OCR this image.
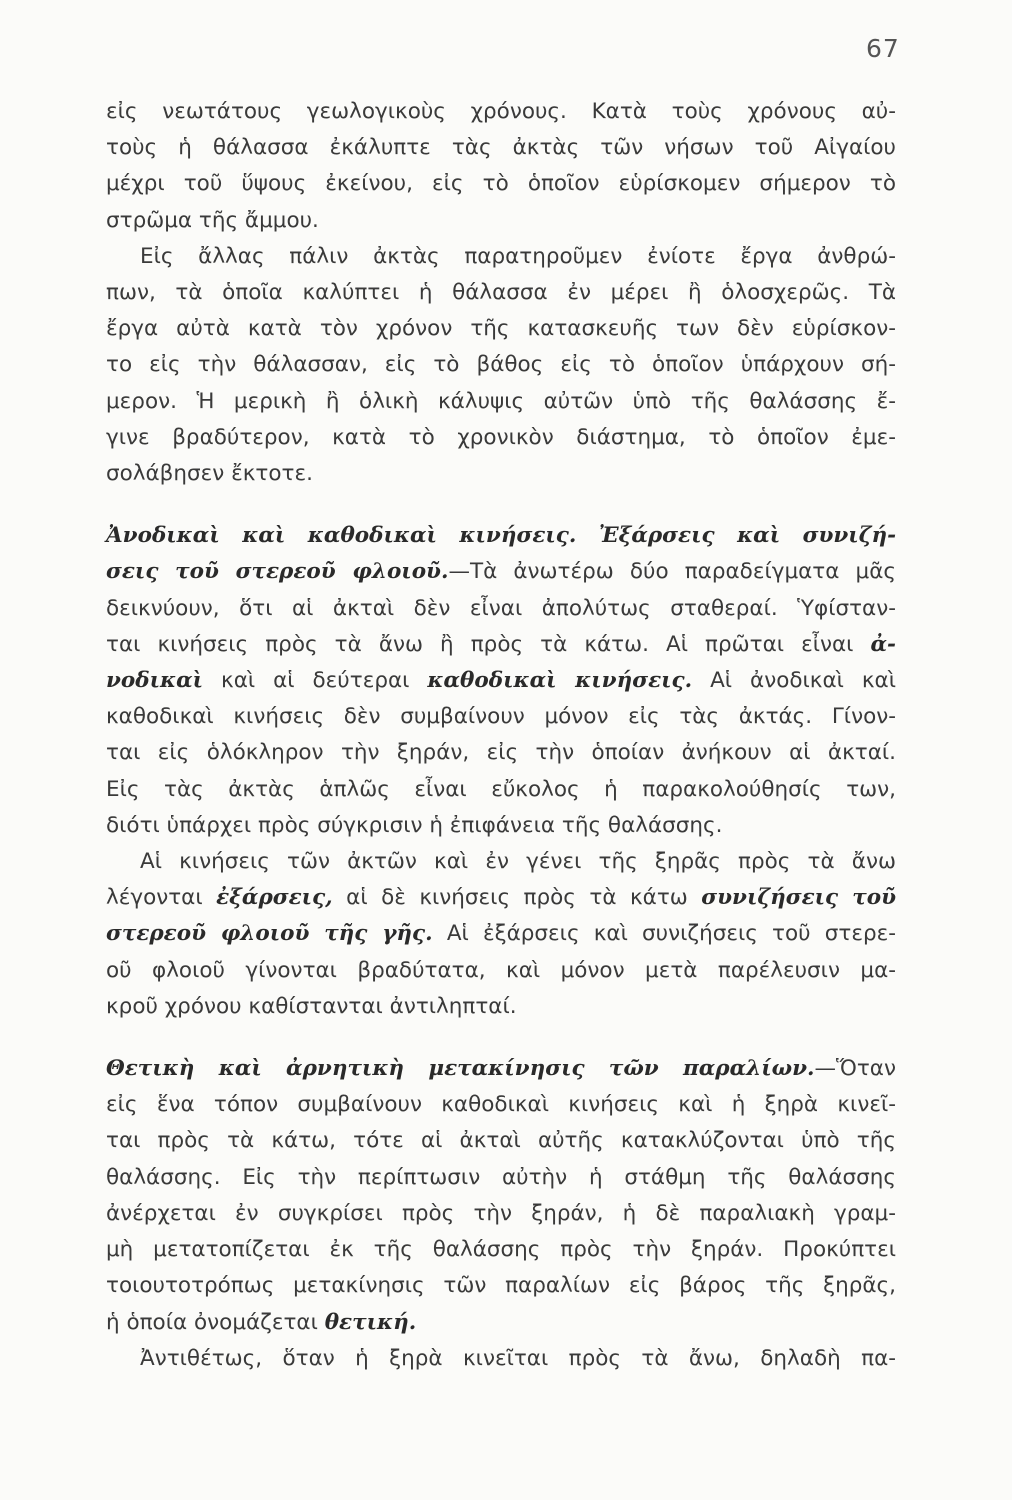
67
εἰς νεωτάτους γεωλογικοὺς χρόνους. Κατὰ τοὺς χρόνους αὐ-
τοὺς ἡ θάλασσα ἐκάλυπτε τὰς ἀκτὰς τῶν νήσων τοῦ Αἰγαίου
μέχρι τοῦ ὕψους ἐκείνου, εἰς τὸ ὁποῖον εὑρίσκομεν σήμερον τὸ
στρῶμα τῆς ἄμμου.
Εἰς ἄλλας πάλιν ἀκτὰς παρατηροῦμεν ἐνίοτε ἔργα ἀνθρώ-
πων, τὰ ὁποῖα καλύπτει ἡ θάλασσα ἐν μέρει ἢ ὁλοσχερῶς. Τὰ
ἔργα αὐτὰ κατὰ τὸν χρόνον τῆς κατασκευῆς των δὲν εὑρίσκον-
το εἰς τὴν θάλασσαν, εἰς τὸ βάθος εἰς τὸ ὁποῖον ὑπάρχουν σή-
μερον. Ἡ μερικὴ ἢ ὁλικὴ κάλυψις αὐτῶν ὑπὸ τῆς θαλάσσης ἔ-
γινε βραδύτερον, κατὰ τὸ χρονικὸν διάστημα, τὸ ὁποῖον ἐμε-
σολάβησεν ἔκτοτε.
Ἀνοδικαὶ καὶ καθοδικαὶ κινήσεις. Ἐξάρσεις καὶ συνιζή-
σεις τοῦ στερεοῦ φλοιοῦ.—Τὰ ἀνωτέρω δύο παραδείγματα μᾶς
δεικνύουν, ὅτι αἱ ἀκταὶ δὲν εἶναι ἀπολύτως σταθεραί. Ὑφίσταν-
ται κινήσεις πρὸς τὰ ἄνω ἢ πρὸς τὰ κάτω. Αἱ πρῶται εἶναι ἀ-
νοδικαὶ καὶ αἱ δεύτεραι καθοδικαὶ κινήσεις. Αἱ ἀνοδικαὶ καὶ
καθοδικαὶ κινήσεις δὲν συμβαίνουν μόνον εἰς τὰς ἀκτάς. Γίνον-
ται εἰς ὁλόκληρον τὴν ξηράν, εἰς τὴν ὁποίαν ἀνήκουν αἱ ἀκταί.
Εἰς τὰς ἀκτὰς ἁπλῶς εἶναι εὔκολος ἡ παρακολούθησίς των,
διότι ὑπάρχει πρὸς σύγκρισιν ἡ ἐπιφάνεια τῆς θαλάσσης.
Αἱ κινήσεις τῶν ἀκτῶν καὶ ἐν γένει τῆς ξηρᾶς πρὸς τὰ ἄνω
λέγονται ἐξάρσεις, αἱ δὲ κινήσεις πρὸς τὰ κάτω συνιζήσεις τοῦ
στερεοῦ φλοιοῦ τῆς γῆς. Αἱ ἐξάρσεις καὶ συνιζήσεις τοῦ στερε-
οῦ φλοιοῦ γίνονται βραδύτατα, καὶ μόνον μετὰ παρέλευσιν μα-
κροῦ χρόνου καθίστανται ἀντιληπταί.
Θετικὴ καὶ ἀρνητικὴ μετακίνησις τῶν παραλίων.—Ὅταν
εἰς ἕνα τόπον συμβαίνουν καθοδικαὶ κινήσεις καὶ ἡ ξηρὰ κινεῖ-
ται πρὸς τὰ κάτω, τότε αἱ ἀκταὶ αὐτῆς κατακλύζονται ὑπὸ τῆς
θαλάσσης. Εἰς τὴν περίπτωσιν αὐτὴν ἡ στάθμη τῆς θαλάσσης
ἀνέρχεται ἐν συγκρίσει πρὸς τὴν ξηράν, ἡ δὲ παραλιακὴ γραμ-
μὴ μετατοπίζεται ἐκ τῆς θαλάσσης πρὸς τὴν ξηράν. Προκύπτει
τοιουτοτρόπως μετακίνησις τῶν παραλίων εἰς βάρος τῆς ξηρᾶς,
ἡ ὁποία ὀνομάζεται θετική.
Ἀντιθέτως, ὅταν ἡ ξηρὰ κινεῖται πρὸς τὰ ἄνω, δηλαδὴ πα-
